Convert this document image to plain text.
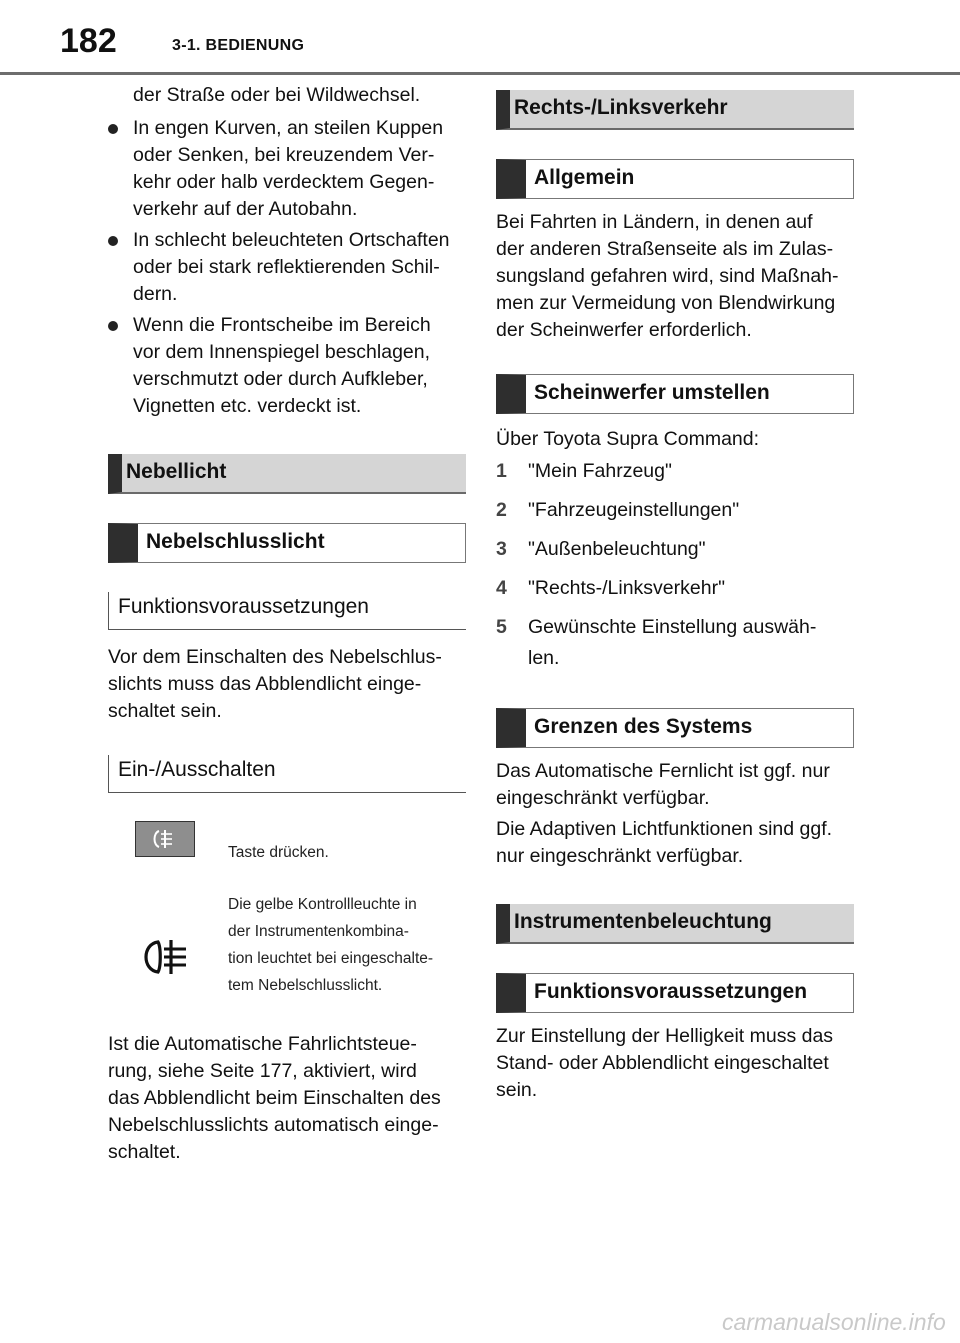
182	3-1. BEDIENUNG

der Straße oder bei Wildwechsel.

In engen Kurven, an steilen Kuppen

oder Senken, bei kreuzendem Ver-

kehr oder halb verdecktem Gegen-

verkehr auf der Autobahn.

In schlecht beleuchteten Ortschaften

oder bei stark reflektierenden Schil-

dern.

Wenn die Frontscheibe im Bereich

vor dem Innenspiegel beschlagen,

verschmutzt oder durch Aufkleber,

Vignetten etc. verdeckt ist.

Nebellicht
Nebelschlusslicht
Funktionsvoraussetzungen

Vor dem Einschalten des Nebelschlus-

slichts muss das Abblendlicht einge-

schaltet sein.

Ein-/Ausschalten
Taste drücken.
Die gelbe Kontrollleuchte in
der Instrumentenkombina-
tion leuchtet bei eingeschalte-
tem Nebelschlusslicht.

Ist die Automatische Fahrlichtsteue-

rung, siehe Seite 177, aktiviert, wird

das Abblendlicht beim Einschalten des

Nebelschlusslichts automatisch einge-

schaltet.

Rechts-/Linksverkehr
Allgemein

Bei Fahrten in Ländern, in denen auf

der anderen Straßenseite als im Zulas-

sungsland gefahren wird, sind Maßnah-

men zur Vermeidung von Blendwirkung

der Scheinwerfer erforderlich.

Scheinwerfer umstellen

Über Toyota Supra Command:

1 "Mein Fahrzeug"

2 "Fahrzeugeinstellungen"

3 "Außenbeleuchtung"

4 "Rechts-/Linksverkehr"

5 Gewünschte Einstellung auswäh-

len.

Grenzen des Systems

Das Automatische Fernlicht ist ggf. nur

eingeschränkt verfügbar.

Die Adaptiven Lichtfunktionen sind ggf.

nur eingeschränkt verfügbar.

Instrumentenbeleuchtung
Funktionsvoraussetzungen

Zur Einstellung der Helligkeit muss das

Stand- oder Abblendlicht eingeschaltet

sein.

carmanualsonline.info
